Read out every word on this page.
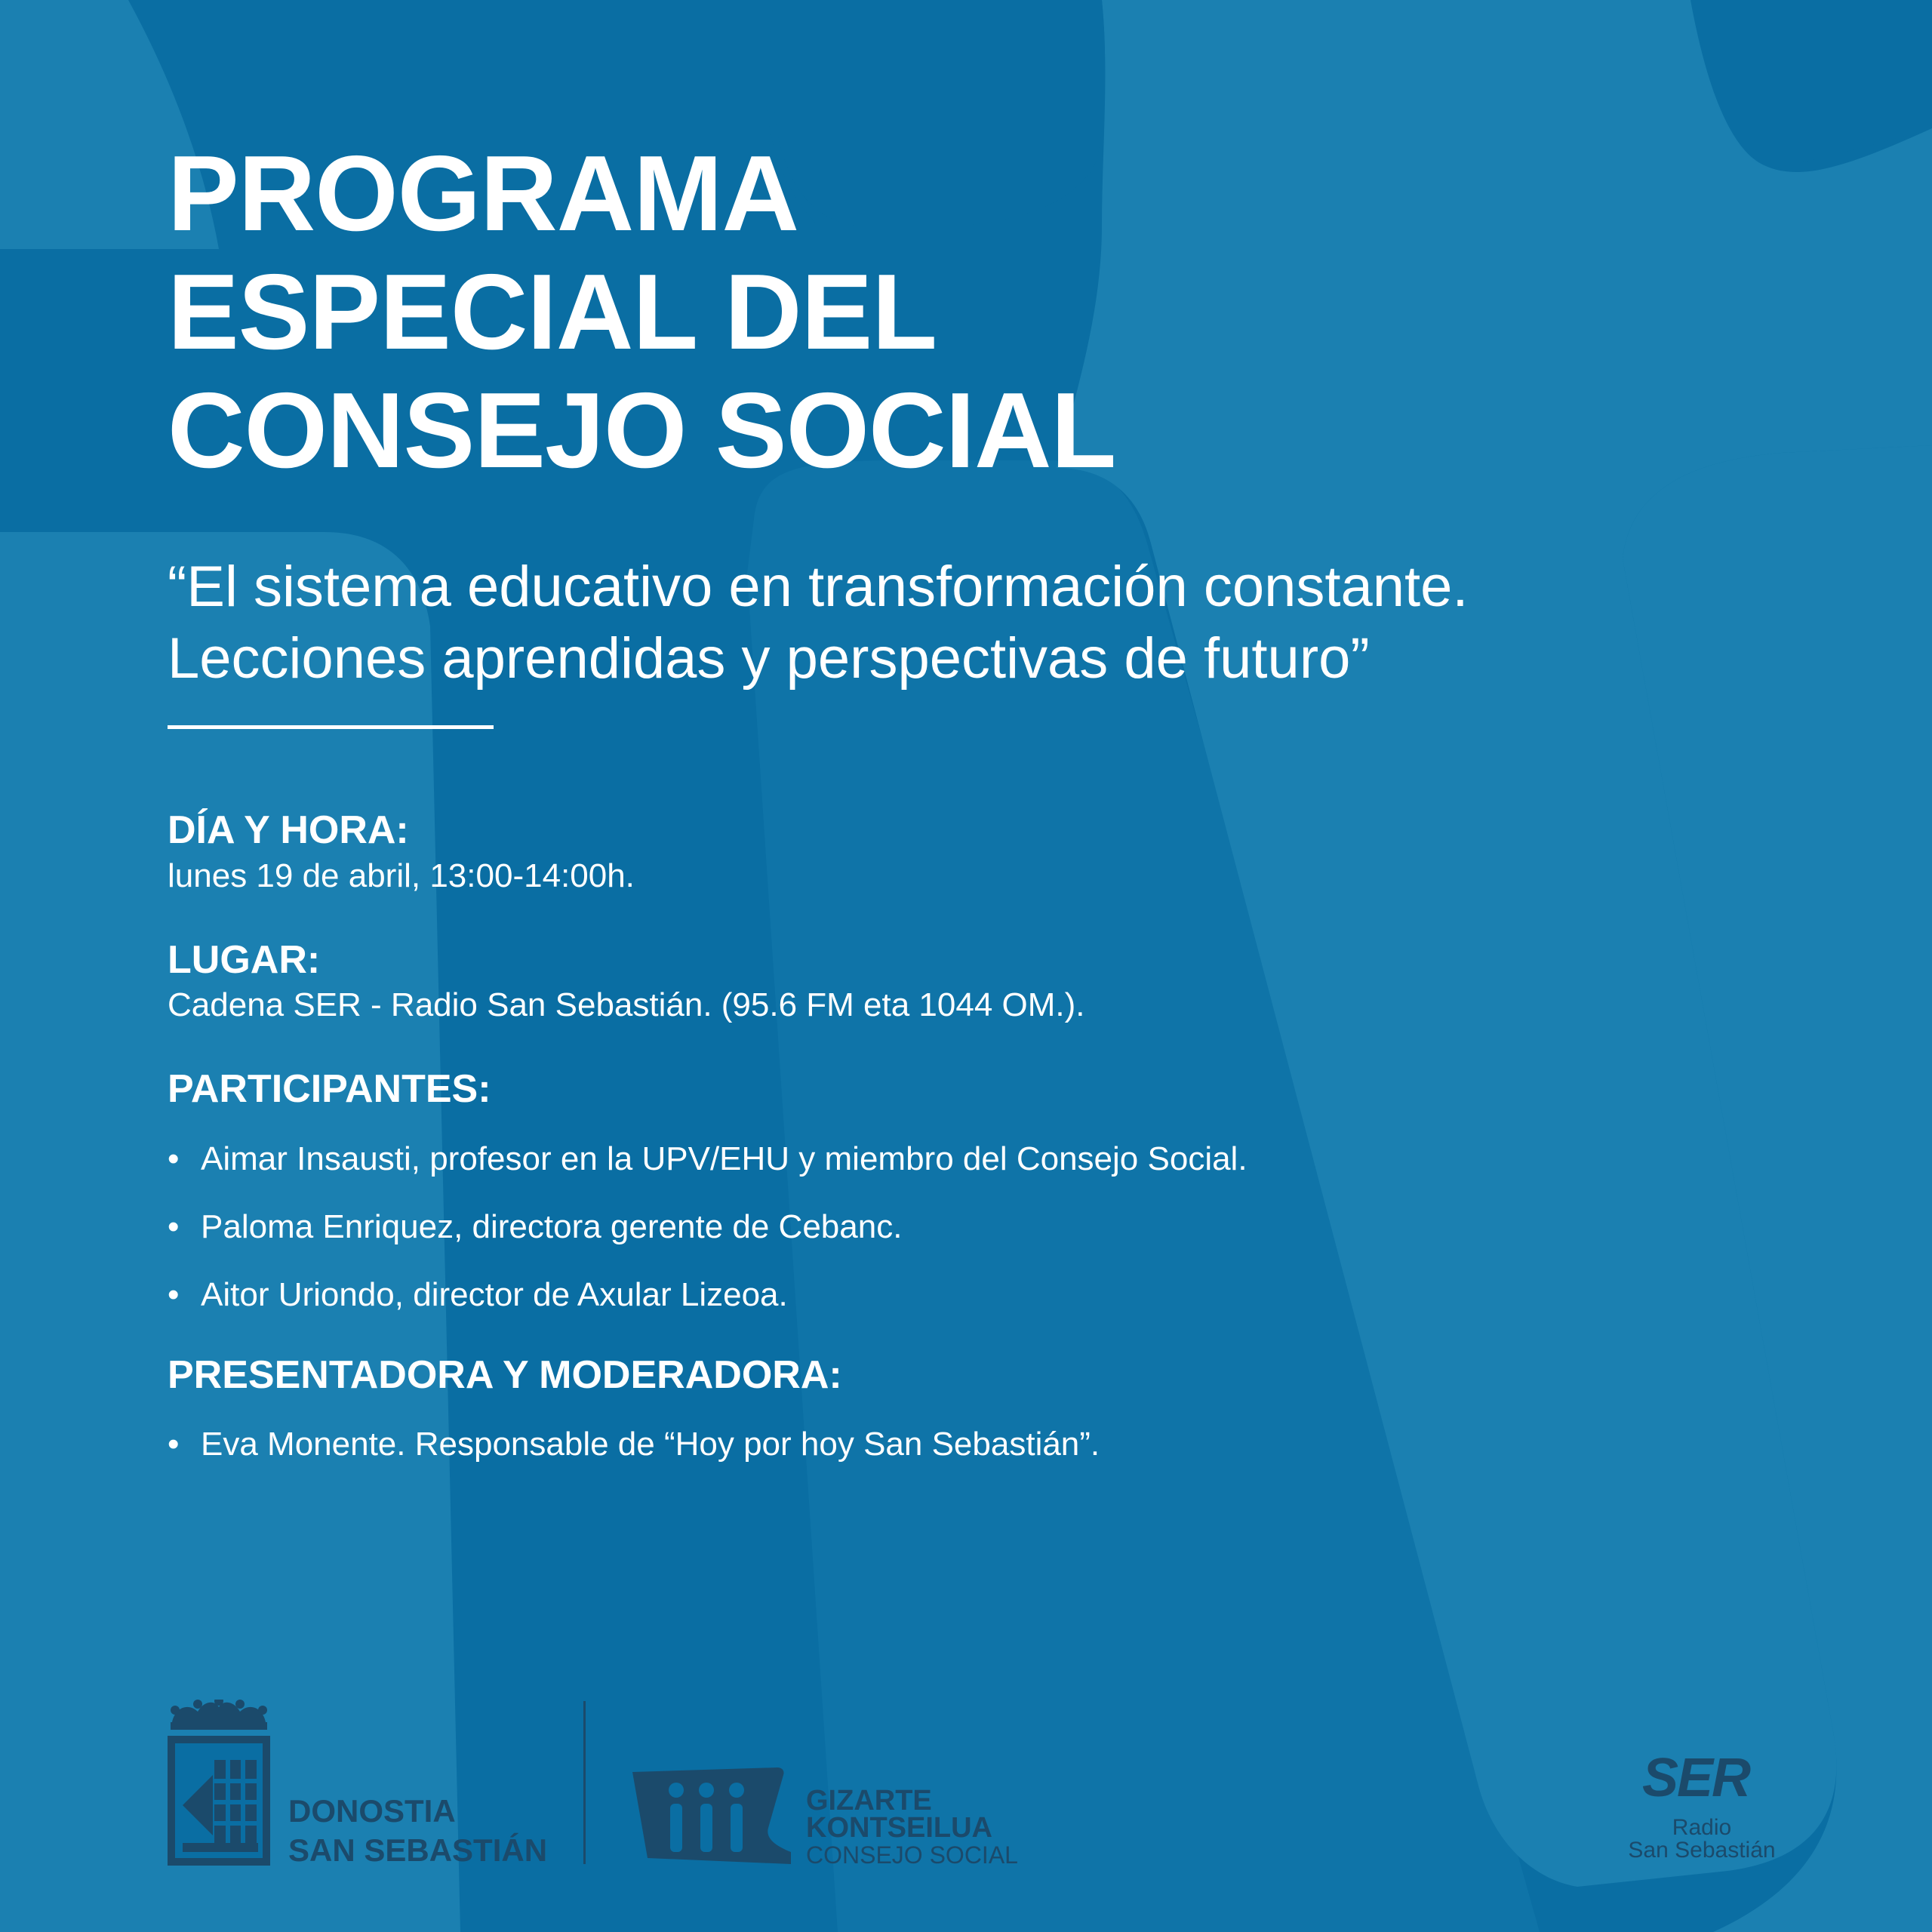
PROGRAMA
ESPECIAL DEL
CONSEJO SOCIAL
“El sistema educativo en transformación constante.
Lecciones aprendidas y perspectivas de futuro”
DÍA Y HORA:
lunes 19 de abril, 13:00-14:00h.
LUGAR:
Cadena SER - Radio San Sebastián. (95.6 FM eta 1044 OM.).
PARTICIPANTES:
• Aimar Insausti, profesor en la UPV/EHU y miembro del Consejo Social.
• Paloma Enriquez, directora gerente de Cebanc.
• Aitor Uriondo, director de Axular Lizeoa.
PRESENTADORA Y MODERADORA:
• Eva Monente. Responsable de “Hoy por hoy San Sebastián”.
DONOSTIA
SAN SEBASTIÁN
GIZARTE
KONTSEILUA
CONSEJO SOCIAL
SER
Radio
San Sebastián
